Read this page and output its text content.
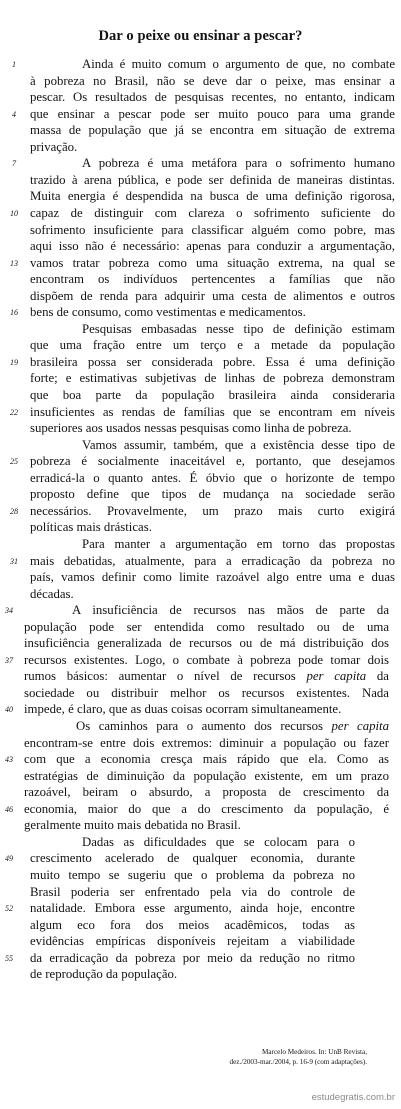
Dar o peixe ou ensinar a pescar?
Ainda é muito comum o argumento de que, no combate
à pobreza no Brasil, não se deve dar o peixe, mas ensinar a
pescar. Os resultados de pesquisas recentes, no entanto, indicam
que ensinar a pescar pode ser muito pouco para uma grande
massa de população que já se encontra em situação de extrema
privação.
A pobreza é uma metáfora para o sofrimento humano
trazido à arena pública, e pode ser definida de maneiras distintas.
Muita energia é despendida na busca de uma definição rigorosa,
capaz de distinguir com clareza o sofrimento suficiente do
sofrimento insuficiente para classificar alguém como pobre, mas
aqui isso não é necessário: apenas para conduzir a argumentação,
vamos tratar pobreza como uma situação extrema, na qual se
encontram os indivíduos pertencentes a famílias que não
dispõem de renda para adquirir uma cesta de alimentos e outros
bens de consumo, como vestimentas e medicamentos.
Pesquisas embasadas nesse tipo de definição estimam
que uma fração entre um terço e a metade da população
brasileira possa ser considerada pobre. Essa é uma definição
forte; e estimativas subjetivas de linhas de pobreza demonstram
que boa parte da população brasileira ainda consideraria
insuficientes as rendas de famílias que se encontram em níveis
superiores aos usados nessas pesquisas como linha de pobreza.
Vamos assumir, também, que a existência desse tipo de
pobreza é socialmente inaceitável e, portanto, que desejamos
erradicá-la o quanto antes. É óbvio que o horizonte de tempo
proposto define que tipos de mudança na sociedade serão
necessários. Provavelmente, um prazo mais curto exigirá
políticas mais drásticas.
Para manter a argumentação em torno das propostas
mais debatidas, atualmente, para a erradicação da pobreza no
país, vamos definir como limite razoável algo entre uma e duas
décadas.
A insuficiência de recursos nas mãos de parte da
população pode ser entendida como resultado ou de uma
insuficiência generalizada de recursos ou de má distribuição dos
recursos existentes. Logo, o combate à pobreza pode tomar dois
rumos básicos: aumentar o nível de recursos per capita da
sociedade ou distribuir melhor os recursos existentes. Nada
impede, é claro, que as duas coisas ocorram simultaneamente.
Os caminhos para o aumento dos recursos per capita
encontram-se entre dois extremos: diminuir a população ou fazer
com que a economia cresça mais rápido que ela. Como as
estratégias de diminuição da população existente, em um prazo
razoável, beiram o absurdo, a proposta de crescimento da
economia, maior do que a do crescimento da população, é
geralmente muito mais debatida no Brasil.
Dadas as dificuldades que se colocam para o
crescimento acelerado de qualquer economia, durante
muito tempo se sugeriu que o problema da pobreza no
Brasil poderia ser enfrentado pela via do controle de
natalidade. Embora esse argumento, ainda hoje, encontre
algum eco fora dos meios acadêmicos, todas as
evidências empíricas disponíveis rejeitam a viabilidade
da erradicação da pobreza por meio da redução no ritmo
de reprodução da população.
1
4
7
10
13
16
19
22
25
28
31
34
37
40
43
46
49
52
55
Marcelo Medeiros. In: UnB Revista,
dez./2003-mar./2004, p. 16-9 (com adaptações).
estudegratis.com.br
